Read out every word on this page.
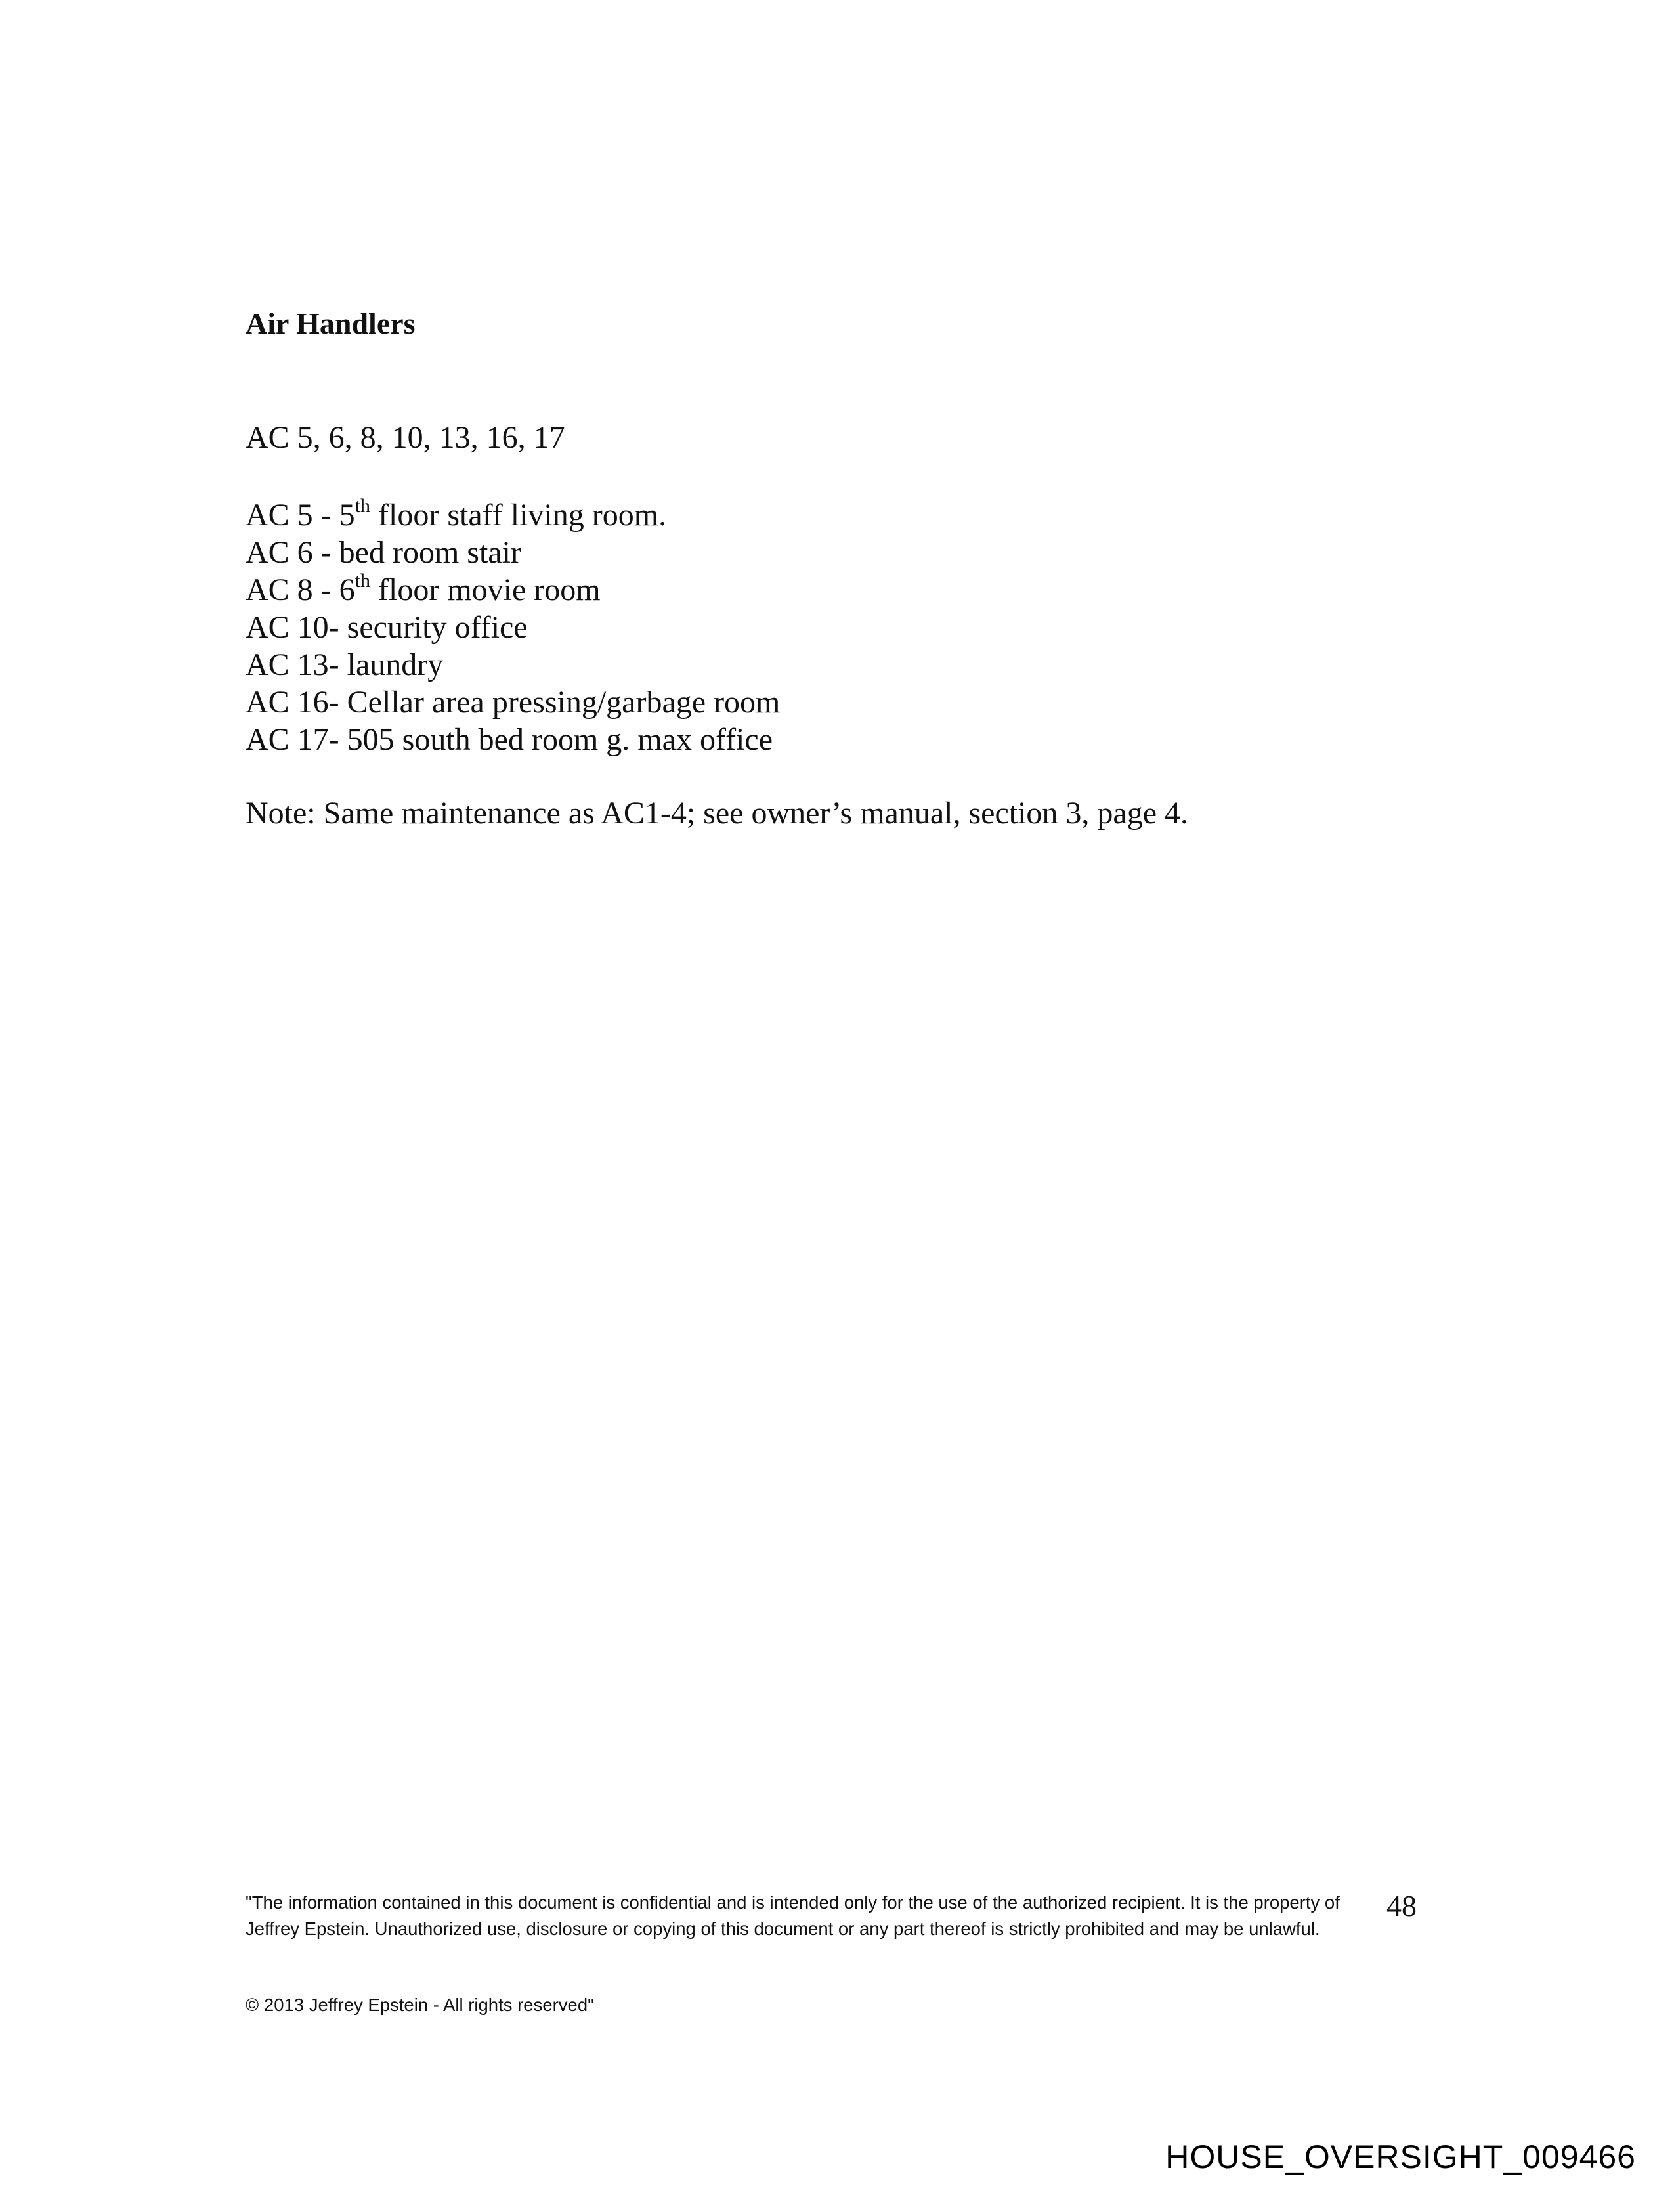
Air Handlers

AC 5, 6, 8, 10, 13, 16, 17

AC 5 - 5th floor staff living room.
AC 6 - bed room stair
AC 8 - 6th floor movie room
AC 10- security office
AC 13- laundry
AC 16- Cellar area pressing/garbage room
AC 17- 505 south bed room g. max office

Note: Same maintenance as AC1-4; see owner’s manual, section 3, page 4.

"The information contained in this document is confidential and is intended only for the use of the authorized recipient. It is the property of Jeffrey Epstein. Unauthorized use, disclosure or copying of this document or any part thereof is strictly prohibited and may be unlawful.

48

© 2013 Jeffrey Epstein - All rights reserved"

HOUSE_OVERSIGHT_009466
